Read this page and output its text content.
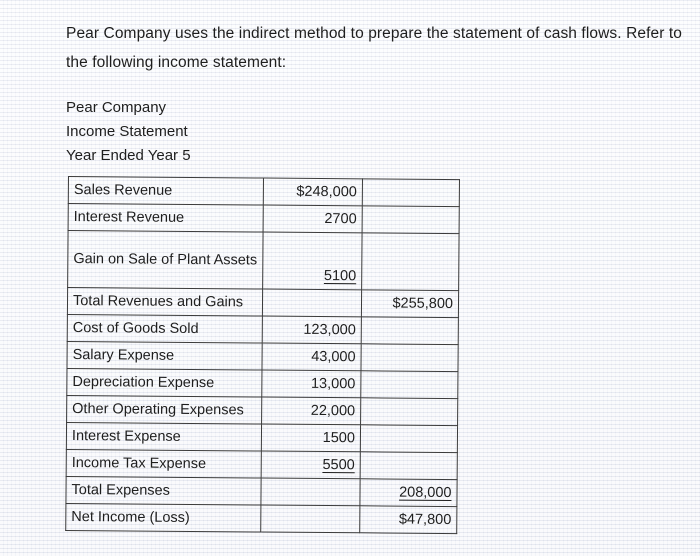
Pear Company uses the indirect method to prepare the statement of cash flows. Refer to the following income statement:
Pear Company
Income Statement
Year Ended Year 5
Sales Revenue	$248,000	
Interest Revenue	2700	

Gain on Sale of Plant Assets	5100	
Total Revenues and Gains		$255,800
Cost of Goods Sold	123,000	
Salary Expense	43,000	
Depreciation Expense	13,000	
Other Operating Expenses	22,000	
Interest Expense	1500	
Income Tax Expense	5500	
Total Expenses		208,000
Net Income (Loss)		$47,800
